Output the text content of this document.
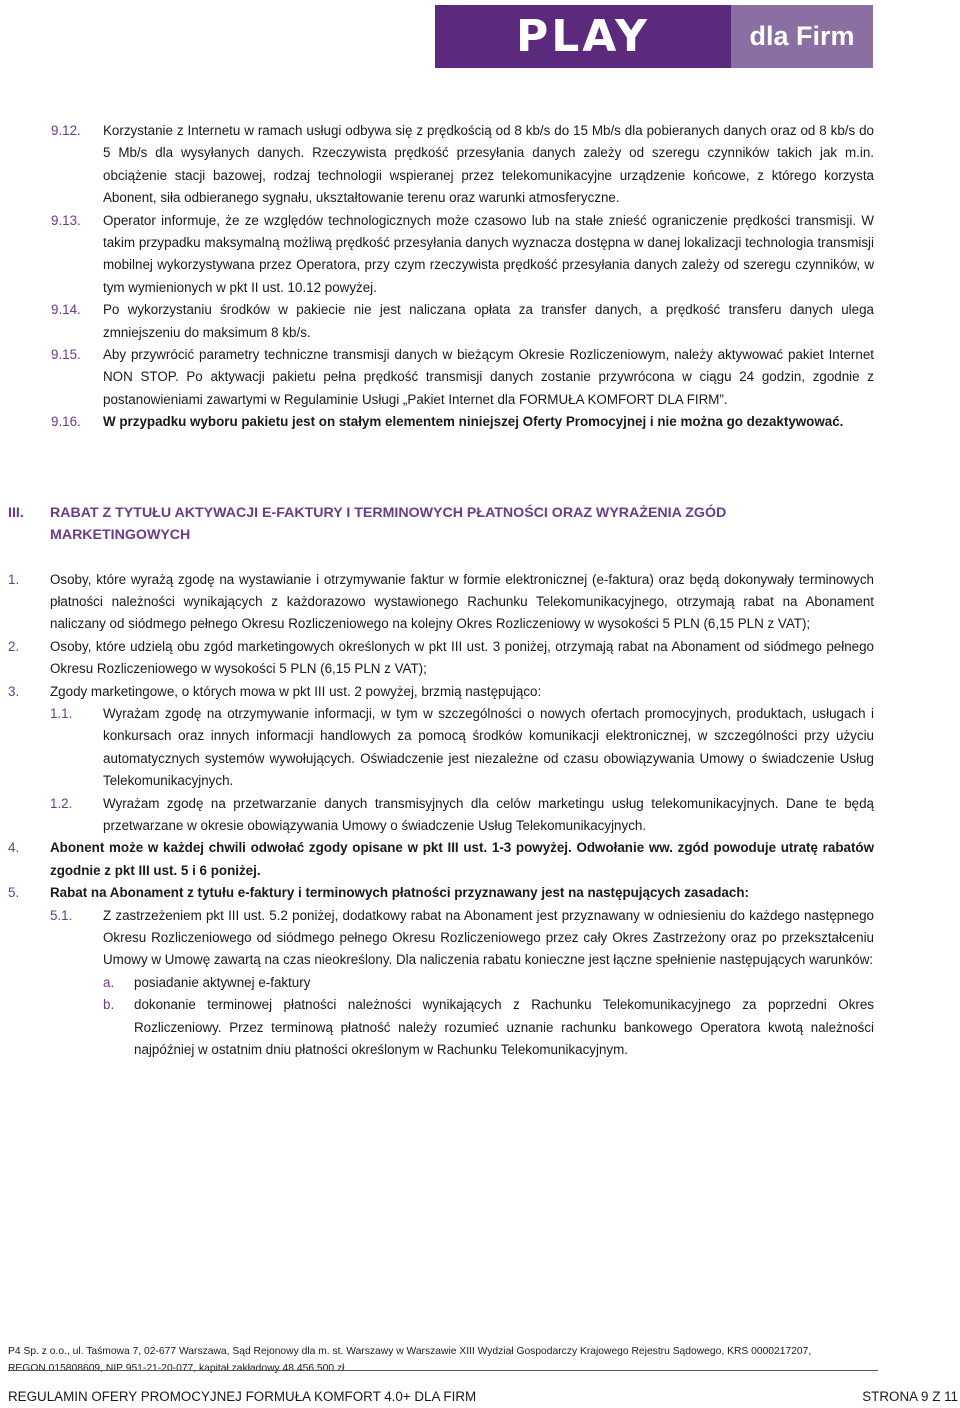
PLAY	dla Firm

9.12. Korzystanie z Internetu w ramach usługi odbywa się z prędkością od 8 kb/s do 15 Mb/s dla pobieranych danych oraz od 8 kb/s do 5 Mb/s dla wysyłanych danych. Rzeczywista prędkość przesyłania danych zależy od szeregu czynników takich jak m.in. obciążenie stacji bazowej, rodzaj technologii wspieranej przez telekomunikacyjne urządzenie końcowe, z którego korzysta Abonent, siła odbieranego sygnału, ukształtowanie terenu oraz warunki atmosferyczne.

9.13. Operator informuje, że ze względów technologicznych może czasowo lub na stałe znieść ograniczenie prędkości transmisji. W takim przypadku maksymalną możliwą prędkość przesyłania danych wyznacza dostępna w danej lokalizacji technologia transmisji mobilnej wykorzystywana przez Operatora, przy czym rzeczywista prędkość przesyłania danych zależy od szeregu czynników, w tym wymienionych w pkt II ust. 10.12 powyżej.

9.14. Po wykorzystaniu środków w pakiecie nie jest naliczana opłata za transfer danych, a prędkość transferu danych ulega zmniejszeniu do maksimum 8 kb/s.

9.15. Aby przywrócić parametry techniczne transmisji danych w bieżącym Okresie Rozliczeniowym, należy aktywować pakiet Internet NON STOP. Po aktywacji pakietu pełna prędkość transmisji danych zostanie przywrócona w ciągu 24 godzin, zgodnie z postanowieniami zawartymi w Regulaminie Usługi „Pakiet Internet dla FORMUŁA KOMFORT DLA FIRM”.

9.16. W przypadku wyboru pakietu jest on stałym elementem niniejszej Oferty Promocyjnej i nie można go dezaktywować.

III. RABAT Z TYTUŁU AKTYWACJI E-FAKTURY I TERMINOWYCH PŁATNOŚCI ORAZ WYRAŻENIA ZGÓD MARKETINGOWYCH

1. Osoby, które wyrażą zgodę na wystawianie i otrzymywanie faktur w formie elektronicznej (e-faktura) oraz będą dokonywały terminowych płatności należności wynikających z każdorazowo wystawionego Rachunku Telekomunikacyjnego, otrzymają rabat na Abonament naliczany od siódmego pełnego Okresu Rozliczeniowego na kolejny Okres Rozliczeniowy w wysokości 5 PLN (6,15 PLN z VAT);

2. Osoby, które udzielą obu zgód marketingowych określonych w pkt III ust. 3 poniżej, otrzymają rabat na Abonament od siódmego pełnego Okresu Rozliczeniowego w wysokości 5 PLN (6,15 PLN z VAT);

3. Zgody marketingowe, o których mowa w pkt III ust. 2 powyżej, brzmią następująco:

1.1. Wyrażam zgodę na otrzymywanie informacji, w tym w szczególności o nowych ofertach promocyjnych, produktach, usługach i konkursach oraz innych informacji handlowych za pomocą środków komunikacji elektronicznej, w szczególności przy użyciu automatycznych systemów wywołujących. Oświadczenie jest niezależne od czasu obowiązywania Umowy o świadczenie Usług Telekomunikacyjnych.

1.2. Wyrażam zgodę na przetwarzanie danych transmisyjnych dla celów marketingu usług telekomunikacyjnych. Dane te będą przetwarzane w okresie obowiązywania Umowy o świadczenie Usług Telekomunikacyjnych.

4. Abonent może w każdej chwili odwołać zgody opisane w pkt III ust. 1-3 powyżej. Odwołanie ww. zgód powoduje utratę rabatów zgodnie z pkt III ust. 5 i 6 poniżej.

5. Rabat na Abonament z tytułu e-faktury i terminowych płatności przyznawany jest na następujących zasadach:

5.1. Z zastrzeżeniem pkt III ust. 5.2 poniżej, dodatkowy rabat na Abonament jest przyznawany w odniesieniu do każdego następnego Okresu Rozliczeniowego od siódmego pełnego Okresu Rozliczeniowego przez cały Okres Zastrzeżony oraz po przekształceniu Umowy w Umowę zawartą na czas nieokreślony. Dla naliczenia rabatu konieczne jest łączne spełnienie następujących warunków:

a. posiadanie aktywnej e-faktury

b. dokonanie terminowej płatności należności wynikających z Rachunku Telekomunikacyjnego za poprzedni Okres Rozliczeniowy. Przez terminową płatność należy rozumieć uznanie rachunku bankowego Operatora kwotą należności najpóźniej w ostatnim dniu płatności określonym w Rachunku Telekomunikacyjnym.

P4 Sp. z o.o., ul. Taśmowa 7, 02-677 Warszawa, Sąd Rejonowy dla m. st. Warszawy w Warszawie XIII Wydział Gospodarczy Krajowego Rejestru Sądowego, KRS 0000217207,
REGON 015808609, NIP 951-21-20-077, kapitał zakładowy 48 456 500 zł
REGULAMIN OFERY PROMOCYJNEJ FORMUŁA KOMFORT 4.0+ DLA FIRM	STRONA 9 Z 11
